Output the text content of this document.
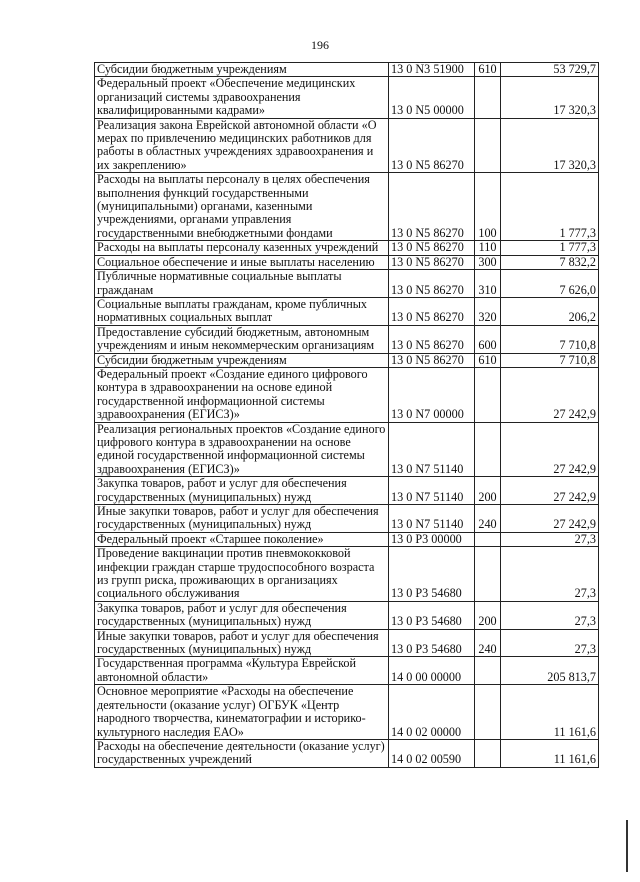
196
Субсидии бюджетным учреждениям	13 0 N3 51900	610	53 729,7
Федеральный проект «Обеспечение медицинских организаций системы здравоохранения квалифицированными кадрами»	13 0 N5 00000		17 320,3
Реализация закона Еврейской автономной области «О мерах по привлечению медицинских работников для работы в областных учреждениях здравоохранения и их закреплению»	13 0 N5 86270		17 320,3
Расходы на выплаты персоналу в целях обеспечения выполнения функций государственными (муниципальными) органами, казенными учреждениями, органами управления государственными внебюджетными фондами	13 0 N5 86270	100	1 777,3
Расходы на выплаты персоналу казенных учреждений	13 0 N5 86270	110	1 777,3
Социальное обеспечение и иные выплаты населению	13 0 N5 86270	300	7 832,2
Публичные нормативные социальные выплаты гражданам	13 0 N5 86270	310	7 626,0
Социальные выплаты гражданам, кроме публичных нормативных социальных выплат	13 0 N5 86270	320	206,2
Предоставление субсидий бюджетным, автономным учреждениям и иным некоммерческим организациям	13 0 N5 86270	600	7 710,8
Субсидии бюджетным учреждениям	13 0 N5 86270	610	7 710,8
Федеральный проект «Создание единого цифрового контура в здравоохранении на основе единой государственной информационной системы здравоохранения (ЕГИСЗ)»	13 0 N7 00000		27 242,9
Реализация региональных проектов «Создание единого цифрового контура в здравоохранении на основе единой государственной информационной системы здравоохранения (ЕГИСЗ)»	13 0 N7 51140		27 242,9
Закупка товаров, работ и услуг для обеспечения государственных (муниципальных) нужд	13 0 N7 51140	200	27 242,9
Иные закупки товаров, работ и услуг для обеспечения государственных (муниципальных) нужд	13 0 N7 51140	240	27 242,9
Федеральный проект «Старшее поколение»	13 0 P3 00000		27,3
Проведение вакцинации против пневмококковой инфекции граждан старше трудоспособного возраста из групп риска, проживающих в организациях социального обслуживания	13 0 P3 54680		27,3
Закупка товаров, работ и услуг для обеспечения государственных (муниципальных) нужд	13 0 P3 54680	200	27,3
Иные закупки товаров, работ и услуг для обеспечения государственных (муниципальных) нужд	13 0 P3 54680	240	27,3
Государственная программа «Культура Еврейской автономной области»	14 0 00 00000		205 813,7
Основное мероприятие «Расходы на обеспечение деятельности (оказание услуг) ОГБУК «Центр народного творчества, кинематографии и историко-культурного наследия ЕАО»	14 0 02 00000		11 161,6
Расходы на обеспечение деятельности (оказание услуг) государственных учреждений	14 0 02 00590		11 161,6
